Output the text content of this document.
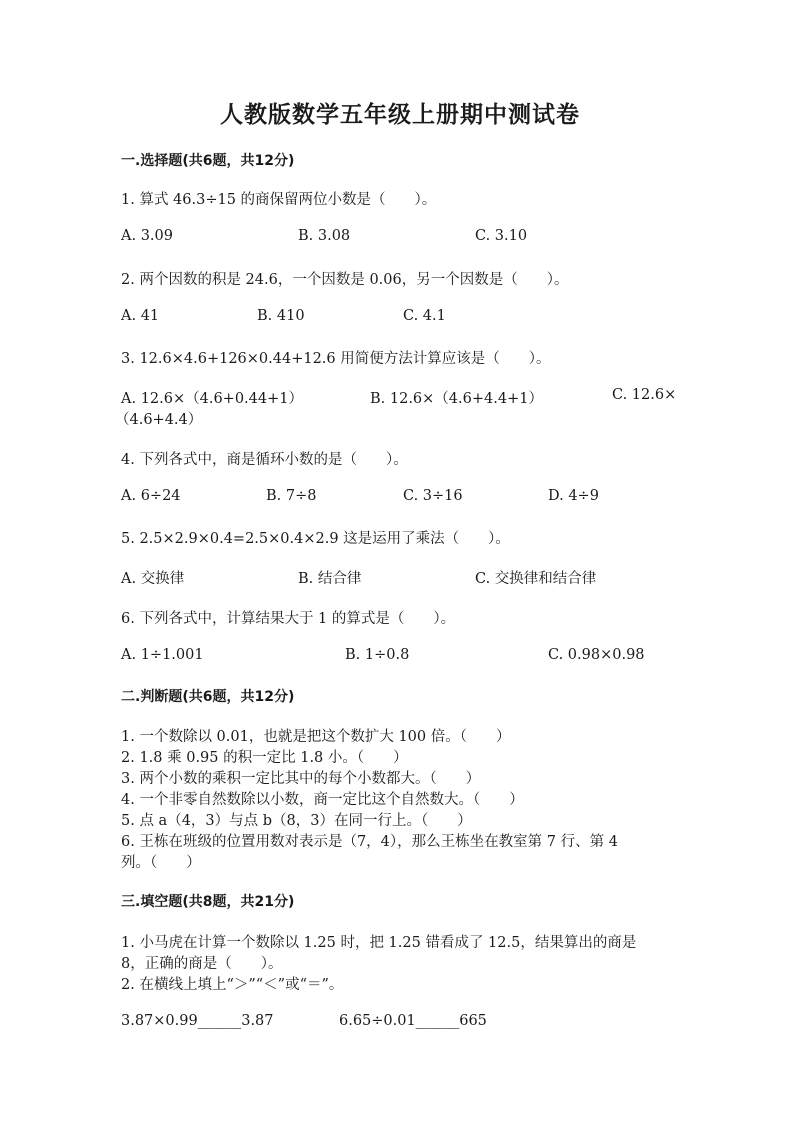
人教版数学五年级上册期中测试卷
一.选择题(共6题，共12分)
1. 算式 46.3÷15 的商保留两位小数是（　　）。
A. 3.09	B. 3.08	C. 3.10
2. 两个因数的积是 24.6，一个因数是 0.06，另一个因数是（　　）。
A. 41	B. 410	C. 4.1
3. 12.6×4.6+126×0.44+12.6 用简便方法计算应该是（　　）。
A. 12.6×（4.6+0.44+1）	B. 12.6×（4.6+4.4+1）	C. 12.6×
（4.6+4.4）
4. 下列各式中，商是循环小数的是（　　）。
A. 6÷24	B. 7÷8	C. 3÷16	D. 4÷9
5. 2.5×2.9×0.4=2.5×0.4×2.9 这是运用了乘法（　　）。
A. 交换律	B. 结合律	C. 交换律和结合律
6. 下列各式中，计算结果大于 1 的算式是（　　）。
A. 1÷1.001	B. 1÷0.8	C. 0.98×0.98
二.判断题(共6题，共12分)
1. 一个数除以 0.01，也就是把这个数扩大 100 倍。（　　）
2. 1.8 乘 0.95 的积一定比 1.8 小。（　　）
3. 两个小数的乘积一定比其中的每个小数都大。（　　）
4. 一个非零自然数除以小数，商一定比这个自然数大。（　　）
5. 点 a（4，3）与点 b（8，3）在同一行上。（　　）
6. 王栋在班级的位置用数对表示是（7，4），那么王栋坐在教室第 7 行、第 4
列。（　　）
三.填空题(共8题，共21分)
1. 小马虎在计算一个数除以 1.25 时，把 1.25 错看成了 12.5，结果算出的商是
8，正确的商是（　　）。
2. 在横线上填上“＞”“＜”或“＝”。
3.87×0.99______3.87	6.65÷0.01______665
